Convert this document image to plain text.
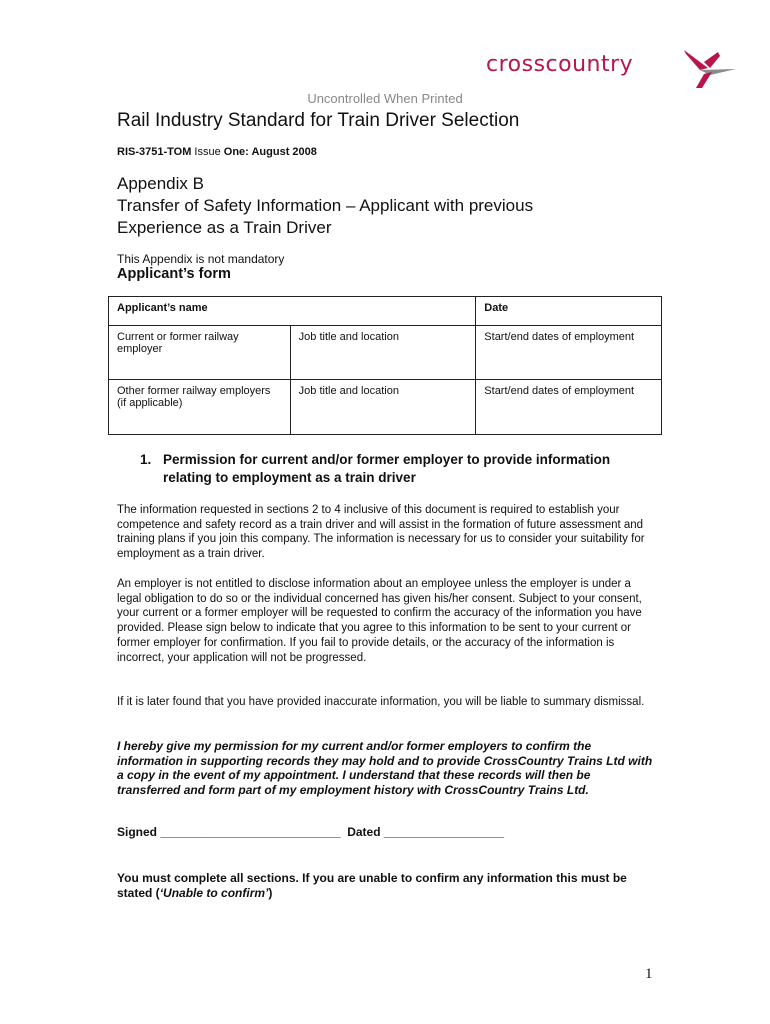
crosscountry
Uncontrolled When Printed
Rail Industry Standard for Train Driver Selection
RIS-3751-TOM Issue One: August 2008
Appendix B
Transfer of Safety Information – Applicant with previous
Experience as a Train Driver
This Appendix is not mandatory
Applicant’s form
Applicant’s name		Date
Current or former railway employer	Job title and location	Start/end dates of employment
Other former railway employers (if applicable)	Job title and location	Start/end dates of employment
1. Permission for current and/or former employer to provide information relating to employment as a train driver
The information requested in sections 2 to 4 inclusive of this document is required to establish your competence and safety record as a train driver and will assist in the formation of future assessment and training plans if you join this company. The information is necessary for us to consider your suitability for employment as a train driver.
An employer is not entitled to disclose information about an employee unless the employer is under a legal obligation to do so or the individual concerned has given his/her consent. Subject to your consent, your current or a former employer will be requested to confirm the accuracy of the information you have provided. Please sign below to indicate that you agree to this information to be sent to your current or former employer for confirmation. If you fail to provide details, or the accuracy of the information is incorrect, your application will not be progressed.
If it is later found that you have provided inaccurate information, you will be liable to summary dismissal.
I hereby give my permission for my current and/or former employers to confirm the information in supporting records they may hold and to provide CrossCountry Trains Ltd with a copy in the event of my appointment. I understand that these records will then be transferred and form part of my employment history with CrossCountry Trains Ltd.
Signed ___________________________  Dated __________________
You must complete all sections. If you are unable to confirm any information this must be stated (‘Unable to confirm’)
1
